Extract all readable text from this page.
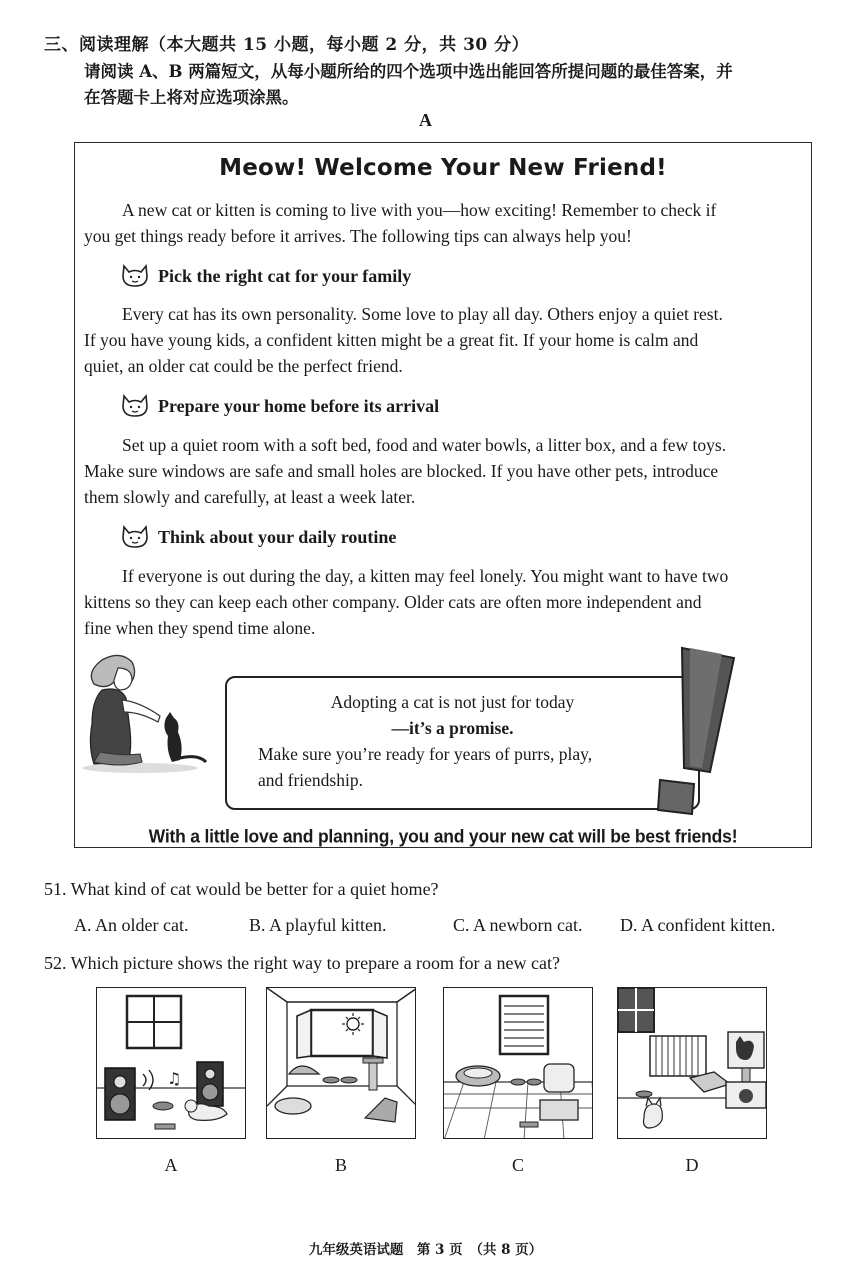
三、阅读理解（本大题共 15 小题，每小题 2 分，共 30 分）
请阅读 A、B 两篇短文，从每小题所给的四个选项中选出能回答所提问题的最佳答案，并
在答题卡上将对应选项涂黑。
A
Meow! Welcome Your New Friend!
A new cat or kitten is coming to live with you—how exciting! Remember to check if
you get things ready before it arrives. The following tips can always help you!
Pick the right cat for your family
Every cat has its own personality. Some love to play all day. Others enjoy a quiet rest.
If you have young kids, a confident kitten might be a great fit. If your home is calm and
quiet, an older cat could be the perfect friend.
Prepare your home before its arrival
Set up a quiet room with a soft bed, food and water bowls, a litter box, and a few toys.
Make sure windows are safe and small holes are blocked. If you have other pets, introduce
them slowly and carefully, at least a week later.
Think about your daily routine
If everyone is out during the day, a kitten may feel lonely. You might want to have two
kittens so they can keep each other company. Older cats are often more independent and
fine when they spend time alone.
Adopting a cat is not just for today
—it’s a promise.
Make sure you’re ready for years of purrs, play,
and friendship.
With a little love and planning, you and your new cat will be best friends!
51. What kind of cat would be better for a quiet home?
A. An older cat.	B. A playful kitten.	C. A newborn cat. D. A confident kitten.
52. Which picture shows the right way to prepare a room for a new cat?
♫
A	B	C	D
九年级英语试题　第 3 页　（共 8 页）
